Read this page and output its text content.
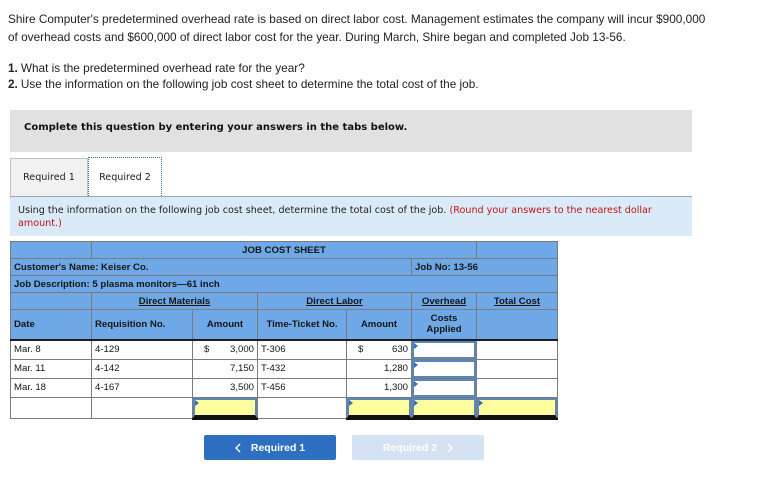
Shire Computer's predetermined overhead rate is based on direct labor cost. Management estimates the company will incur $900,000
of overhead costs and $600,000 of direct labor cost for the year. During March, Shire began and completed Job 13-56.
1. What is the predetermined overhead rate for the year?
2. Use the information on the following job cost sheet to determine the total cost of the job.
Complete this question by entering your answers in the tabs below.
Required 1	Required 2
Using the information on the following job cost sheet, determine the total cost of the job. (Round your answers to the nearest dollar amount.)
	JOB COST SHEET					
Customer's Name: Keiser Co.					Job No: 13-56	
Job Description: 5 plasma monitors—61 inch						
	Direct Materials		Direct Labor		Overhead	Total Cost
Date	Requisition No.	Amount	Time-Ticket No.	Amount	Costs
Applied	

Mar. 8	4-129	$ 3,000	T-306	$ 630

Mar. 11	4-142	7,150	T-432	1,280

Mar. 18	4-167	3,500	T-456	1,300

Required 1	Required 2
